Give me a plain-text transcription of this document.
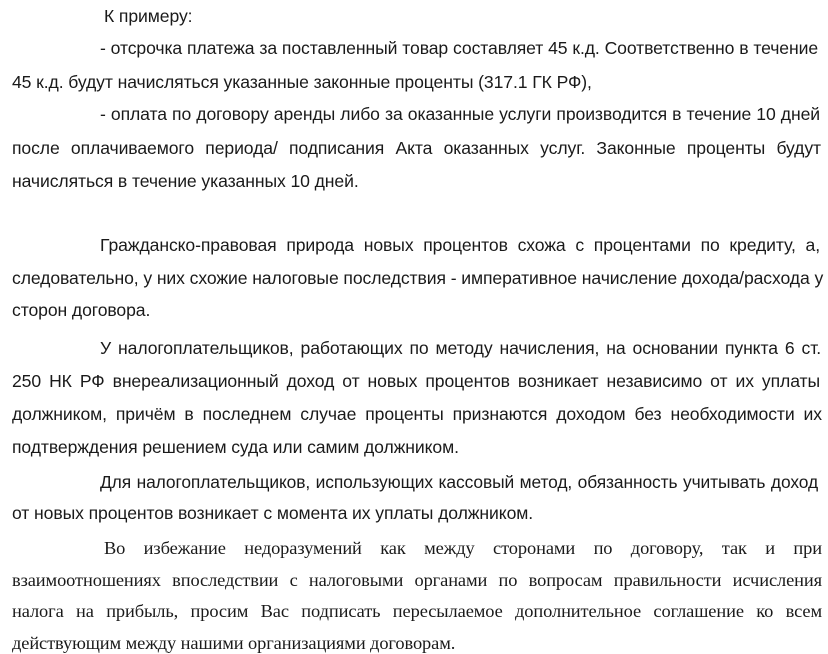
К примеру:

- отсрочка платежа за поставленный товар составляет 45 к.д. Соответственно в течение

45 к.д. будут начисляться указанные законные проценты (317.1 ГК РФ),

- оплата по договору аренды либо за оказанные услуги производится в течение 10 дней

после оплачиваемого периода/ подписания Акта оказанных услуг. Законные проценты будут

начисляться в течение указанных 10 дней.

Гражданско-правовая природа новых процентов схожа с процентами по кредиту, а,

следовательно, у них схожие налоговые последствия - императивное начисление дохода/расхода у

сторон договора.

У налогоплательщиков, работающих по методу начисления, на основании пункта 6 ст.

250 НК РФ внереализационный доход от новых процентов возникает независимо от их уплаты

должником, причём в последнем случае проценты признаются доходом без необходимости их

подтверждения решением суда или самим должником.

Для налогоплательщиков, использующих кассовый метод, обязанность учитывать доход

от новых процентов возникает с момента их уплаты должником.

Во избежание недоразумений как между сторонами по договору, так и при

взаимоотношениях впоследствии с налоговыми органами по вопросам правильности исчисления

налога на прибыль, просим Вас подписать пересылаемое дополнительное соглашение ко всем

действующим между нашими организациями договорам.
